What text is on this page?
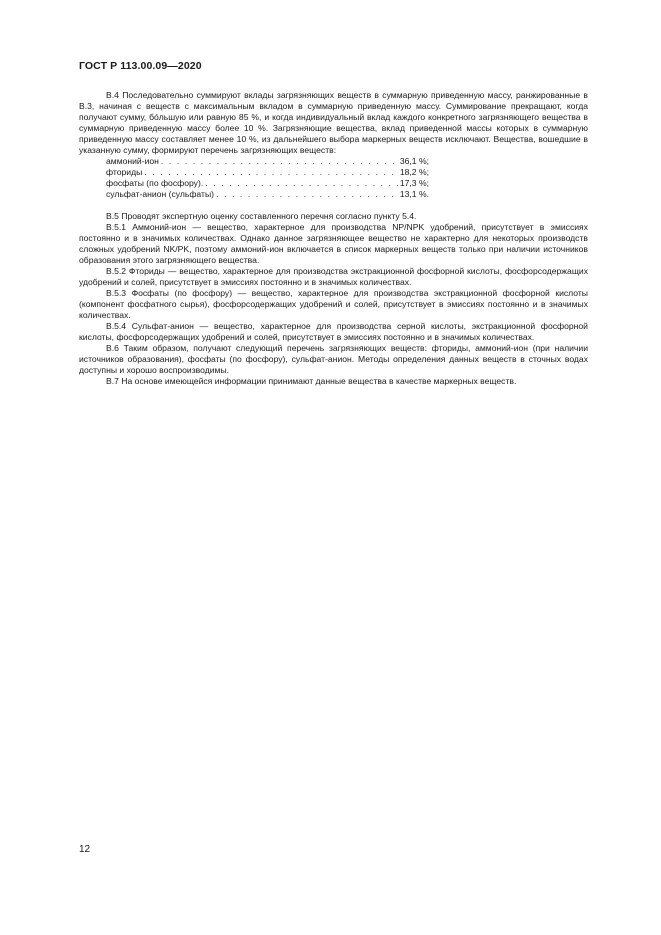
ГОСТ Р 113.00.09—2020

В.4 Последовательно суммируют вклады загрязняющих веществ в суммарную приведенную массу, ранжированные в В.3, начиная с веществ с максимальным вкладом в суммарную приведенную массу. Суммирование прекращают, когда получают сумму, бóльшую или равную 85 %, и когда индивидуальный вклад каждого конкретного загрязняющего вещества в суммарную приведенную массу более 10 %. Загрязняющие вещества, вклад приведенной массы которых в суммарную приведенную массу составляет менее 10 %, из дальнейшего выбора маркерных веществ исключают. Вещества, вошедшие в указанную сумму, формируют перечень загрязняющих веществ:

аммоний-ион . . .	36,1 %;
фториды . . .	18,2 %;
фосфаты (по фосфору). . . .	17,3 %;
сульфат-анион (сульфаты) . . .	13,1 %.

В.5 Проводят экспертную оценку составленного перечня согласно пункту 5.4.

В.5.1 Аммоний-ион — вещество, характерное для производства NP/NPK удобрений, присутствует в эмиссиях постоянно и в значимых количествах. Однако данное загрязняющее вещество не характерно для некоторых производств сложных удобрений NK/PK, поэтому аммоний-ион включается в список маркерных веществ только при наличии источников образования этого загрязняющего вещества.

В.5.2 Фториды — вещество, характерное для производства экстракционной фосфорной кислоты, фосфорсодержащих удобрений и солей, присутствует в эмиссиях постоянно и в значимых количествах.

В.5.3 Фосфаты (по фосфору) — вещество, характерное для производства экстракционной фосфорной кислоты (компонент фосфатного сырья), фосфорсодержащих удобрений и солей, присутствует в эмиссиях постоянно и в значимых количествах.

В.5.4 Сульфат-анион — вещество, характерное для производства серной кислоты, экстракционной фосфорной кислоты, фосфорсодержащих удобрений и солей, присутствует в эмиссиях постоянно и в значимых количествах.

В.6 Таким образом, получают следующий перечень загрязняющих веществ: фториды, аммоний-ион (при наличии источников образования), фосфаты (по фосфору), сульфат-анион. Методы определения данных веществ в сточных водах доступны и хорошо воспроизводимы.

В.7 На основе имеющейся информации принимают данные вещества в качестве маркерных веществ.

12
